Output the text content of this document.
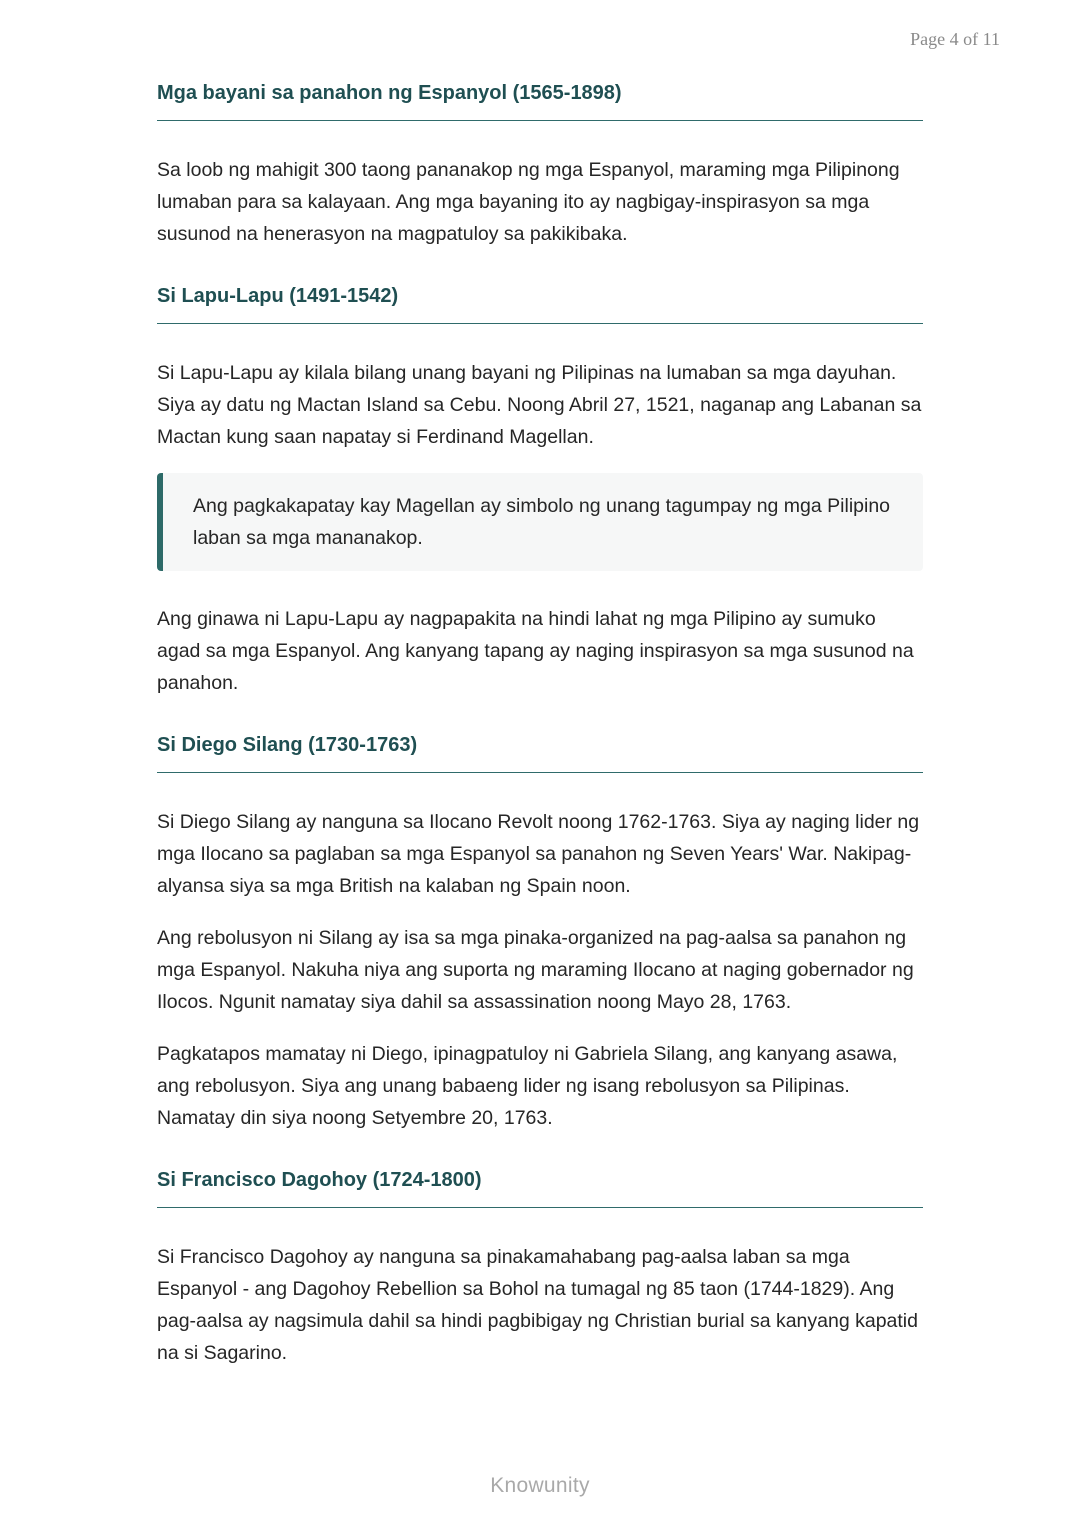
Page 4 of 11
Mga bayani sa panahon ng Espanyol (1565-1898)

Sa loob ng mahigit 300 taong pananakop ng mga Espanyol, maraming mga Pilipinong lumaban para sa kalayaan. Ang mga bayaning ito ay nagbigay-inspirasyon sa mga susunod na henerasyon na magpatuloy sa pakikibaka.

Si Lapu-Lapu (1491-1542)

Si Lapu-Lapu ay kilala bilang unang bayani ng Pilipinas na lumaban sa mga dayuhan. Siya ay datu ng Mactan Island sa Cebu. Noong Abril 27, 1521, naganap ang Labanan sa Mactan kung saan napatay si Ferdinand Magellan.

Ang pagkakapatay kay Magellan ay simbolo ng unang tagumpay ng mga Pilipino laban sa mga mananakop.

Ang ginawa ni Lapu-Lapu ay nagpapakita na hindi lahat ng mga Pilipino ay sumuko agad sa mga Espanyol. Ang kanyang tapang ay naging inspirasyon sa mga susunod na panahon.

Si Diego Silang (1730-1763)

Si Diego Silang ay nanguna sa Ilocano Revolt noong 1762-1763. Siya ay naging lider ng mga Ilocano sa paglaban sa mga Espanyol sa panahon ng Seven Years' War. Nakipag-alyansa siya sa mga British na kalaban ng Spain noon.

Ang rebolusyon ni Silang ay isa sa mga pinaka-organized na pag-aalsa sa panahon ng mga Espanyol. Nakuha niya ang suporta ng maraming Ilocano at naging gobernador ng Ilocos. Ngunit namatay siya dahil sa assassination noong Mayo 28, 1763.

Pagkatapos mamatay ni Diego, ipinagpatuloy ni Gabriela Silang, ang kanyang asawa, ang rebolusyon. Siya ang unang babaeng lider ng isang rebolusyon sa Pilipinas. Namatay din siya noong Setyembre 20, 1763.

Si Francisco Dagohoy (1724-1800)

Si Francisco Dagohoy ay nanguna sa pinakamahabang pag-aalsa laban sa mga Espanyol - ang Dagohoy Rebellion sa Bohol na tumagal ng 85 taon (1744-1829). Ang pag-aalsa ay nagsimula dahil sa hindi pagbibigay ng Christian burial sa kanyang kapatid na si Sagarino.

Knowunity
